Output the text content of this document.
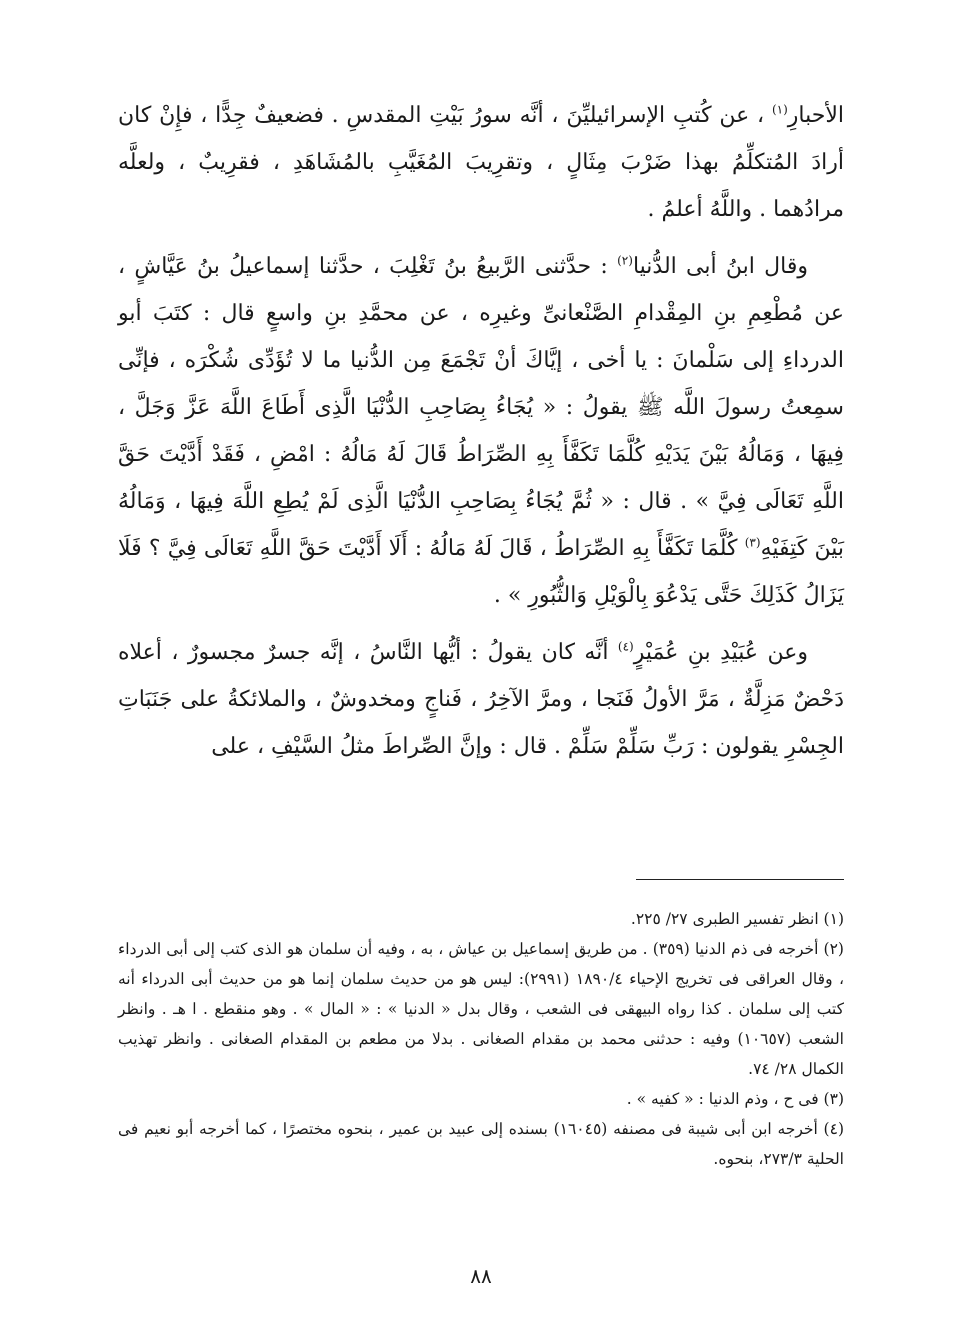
الأحبارِ$^{(١)}$ ، عن كُتبِ الإسرائيليِّنَ ، أنَّه سورُ بَيْتِ المقدسِ . فضعيفٌ جِدًّا ، فإِنْ كان أرادَ المُتكلِّمُ بهذا ضَرْبَ مِثَالٍ ، وتقرِيبَ المُغَيَّبِ بالمُشَاهَدِ ، فقرِيبٌ ، ولعلَّه مرادُهما . واللَّهُ أعلمُ .

وقال ابنُ أبى الدُّنيا$^{(٢)}$ : حدَّثنى الرَّبيعُ بنُ تَغْلِبَ ، حدَّثنا إسماعيلُ بنُ عَيَّاشٍ ، عن مُطْعِمِ بنِ المِقْدامِ الصَّنْعانىِّ وغيرِه ، عن محمَّدِ بنِ واسعٍ قال : كتَبَ أبو الدرداءِ إلى سَلْمانَ : يا أخى ، إيَّاكَ أنْ تَجْمَعَ مِن الدُّنيا ما لا تُؤَدِّى شُكْرَه ، فإنِّى سمِعتُ رسولَ اللَّه ﷺ يقولُ : « يُجَاءُ بِصَاحِبِ الدُّنْيَا الَّذِى أَطَاعَ اللَّهَ عَزَّ وَجَلَّ ، فِيهَا ، وَمَالُهُ بَيْنَ يَدَيْهِ كُلَّمَا تَكَفَّأَ بِهِ الصِّرَاطُ قَالَ لَهُ مَالُهُ : امْضِ ، فَقَدْ أَدَّيْتَ حَقَّ اللَّهِ تَعَالَى فِيَّ » . قال : « ثُمَّ يُجَاءُ بِصَاحِبِ الدُّنْيَا الَّذِى لَمْ يُطِعِ اللَّهَ فِيهَا ، وَمَالُهُ بَيْنَ كَتِفَيْهِ$^{(٣)}$ كُلَّمَا تَكَفَّأَ بِهِ الصِّرَاطُ ، قَالَ لَهُ مَالُهُ : أَلَا أَدَّيْتَ حَقَّ اللَّهِ تَعَالَى فِيَّ ؟ فَلَا يَزَالُ كَذَلِكَ حَتَّى يَدْعُوَ بِالْوَيْلِ وَالثُّبُورِ » .

وعن عُبَيْدِ بنِ عُمَيْرٍ$^{(٤)}$ أنَّه كان يقولُ : أيُّها النَّاسُ ، إنَّه جسرٌ مجسورٌ ، أعلاه دَحْضٌ مَزِلَّةٌ ، مَرَّ الأولُ فَنَجا ، ومرَّ الآخِرُ ، فَناجٍ ومخدوشٌ ، والملائكةُ على جَنَبَاتِ الجِسْرِ يقولون : رَبِّ سَلِّمْ سَلِّمْ . قال : وإنَّ الصِّراطَ مثلُ السَّيْفِ ، على

(١) انظر تفسير الطبرى ٢٧/ ٢٢٥.

(٢) أخرجه فى ذم الدنيا (٣٥٩) . من طريق إسماعيل بن عياش ، به ، وفيه أن سلمان هو الذى كتب إلى أبى الدرداء ، وقال العراقى فى تخريج الإحياء ١٨٩٠/٤ (٢٩٩١): ليس هو من حديث سلمان إنما هو من حديث أبى الدرداء أنه كتب إلى سلمان . كذا رواه البيهقى فى الشعب ، وقال بدل « الدنيا » : « المال » . وهو منقطع . ا هـ . وانظر الشعب (١٠٦٥٧) وفيه : حدثنى محمد بن مقدام الصغانى . بدلا من مطعم بن المقدام الصغانى . وانظر تهذيب الكمال ٢٨/ ٧٤.

(٣) فى ح ، وذم الدنيا : « كفيه » .

(٤) أخرجه ابن أبى شيبة فى مصنفه (١٦٠٤٥) بسنده إلى عبيد بن عمير ، بنحوه مختصرًا ، كما أخرجه أبو نعيم فى الحلية ٢٧٣/٣، بنحوه.

٨٨
